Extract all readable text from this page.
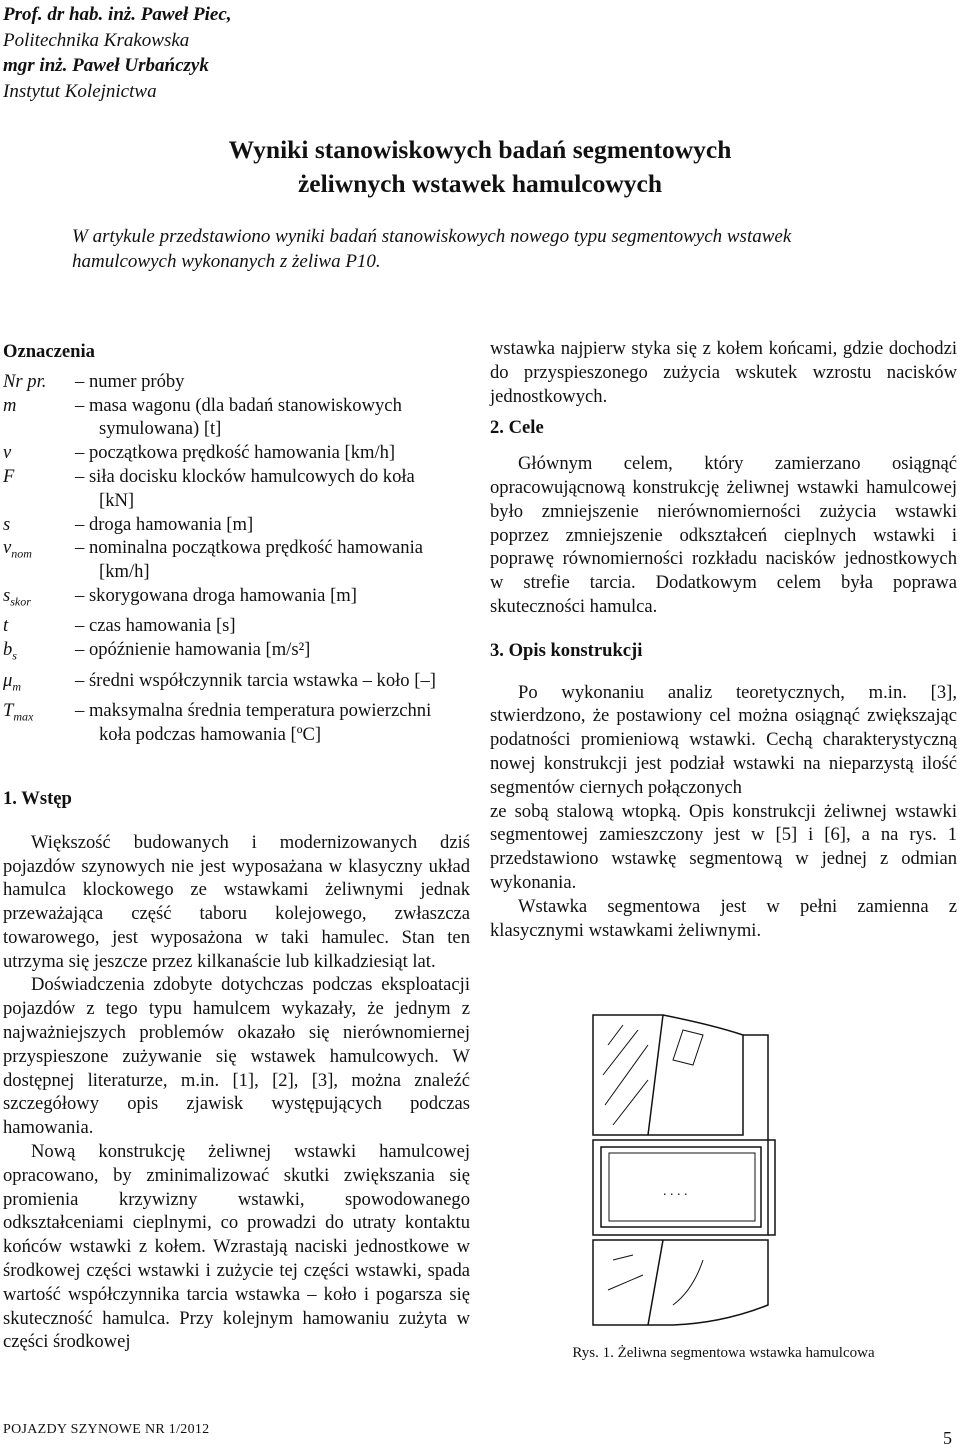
Prof. dr hab. inż. Paweł Piec,
Politechnika Krakowska
mgr inż. Paweł Urbańczyk
Instytut Kolejnictwa
Wyniki stanowiskowych badań segmentowych
żeliwnych wstawek hamulcowych
W artykule przedstawiono wyniki badań stanowiskowych nowego typu segmentowych wstawek hamulcowych wykonanych z żeliwa P10.
Oznaczenia
Nr pr.	– numer próby
m	– masa wagonu (dla badań stanowiskowych
symulowana) [t]
v	– początkowa prędkość hamowania [km/h]
F	– siła docisku klocków hamulcowych do koła
[kN]
s	– droga hamowania [m]
$v_{nom}$	– nominalna początkowa prędkość hamowania
[km/h]
$s_{skor}$	– skorygowana droga hamowania [m]
t	– czas hamowania [s]
$b_s$	– opóźnienie hamowania [m/s²]
$\mu_m$	– średni współczynnik tarcia wstawka – koło [–]
$T_{max}$	– maksymalna średnia temperatura powierzchni
koła podczas hamowania [ºC]
1. Wstęp

Większość budowanych i modernizowanych dziś pojazdów szynowych nie jest wyposażana w klasyczny układ hamulca klockowego ze wstawkami żeliwnymi jednak przeważająca część taboru kolejowego, zwłaszcza towarowego, jest wyposażona w taki hamulec. Stan ten utrzyma się jeszcze przez kilkanaście lub kilkadziesiąt lat.

Doświadczenia zdobyte dotychczas podczas eksploatacji pojazdów z tego typu hamulcem wykazały, że jednym z najważniejszych problemów okazało się nierównomiernej przyspieszone zużywanie się wstawek hamulcowych. W dostępnej literaturze, m.in. [1], [2], [3], można znaleźć szczegółowy opis zjawisk występujących podczas hamowania.

Nową konstrukcję żeliwnej wstawki hamulcowej opracowano, by zminimalizować skutki zwiększania się promienia krzywizny wstawki, spowodowanego odkształceniami cieplnymi, co prowadzi do utraty kontaktu końców wstawki z kołem. Wzrastają naciski jednostkowe w środkowej części wstawki i zużycie tej części wstawki, spada wartość współczynnika tarcia wstawka – koło i pogarsza się skuteczność hamulca. Przy kolejnym hamowaniu zużyta w części środkowej

wstawka najpierw styka się z kołem końcami, gdzie dochodzi do przyspieszonego zużycia wskutek wzrostu nacisków jednostkowych.

2. Cele

Głównym celem, który zamierzano osiągnąć opracowującnową konstrukcję żeliwnej wstawki hamulcowej było zmniejszenie nierównomierności zużycia wstawki poprzez zmniejszenie odkształceń cieplnych wstawki i poprawę równomierności rozkładu nacisków jednostkowych w strefie tarcia. Dodatkowym celem była poprawa skuteczności hamulca.

3. Opis konstrukcji

Po wykonaniu analiz teoretycznych, m.in. [3], stwierdzono, że postawiony cel można osiągnąć zwiększając podatności promieniową wstawki. Cechą charakterystyczną nowej konstrukcji jest podział wstawki na nieparzystą ilość segmentów ciernych połączonych

ze sobą stalową wtopką. Opis konstrukcji żeliwnej wstawki segmentowej zamieszczony jest w [5] i [6], a na rys. 1 przedstawiono wstawkę segmentową w jednej z odmian wykonania.

Wstawka segmentowa jest w pełni zamienna z klasycznymi wstawkami żeliwnymi.

. . . .
Rys. 1. Żeliwna segmentowa wstawka hamulcowa
POJAZDY SZYNOWE NR 1/2012	5
